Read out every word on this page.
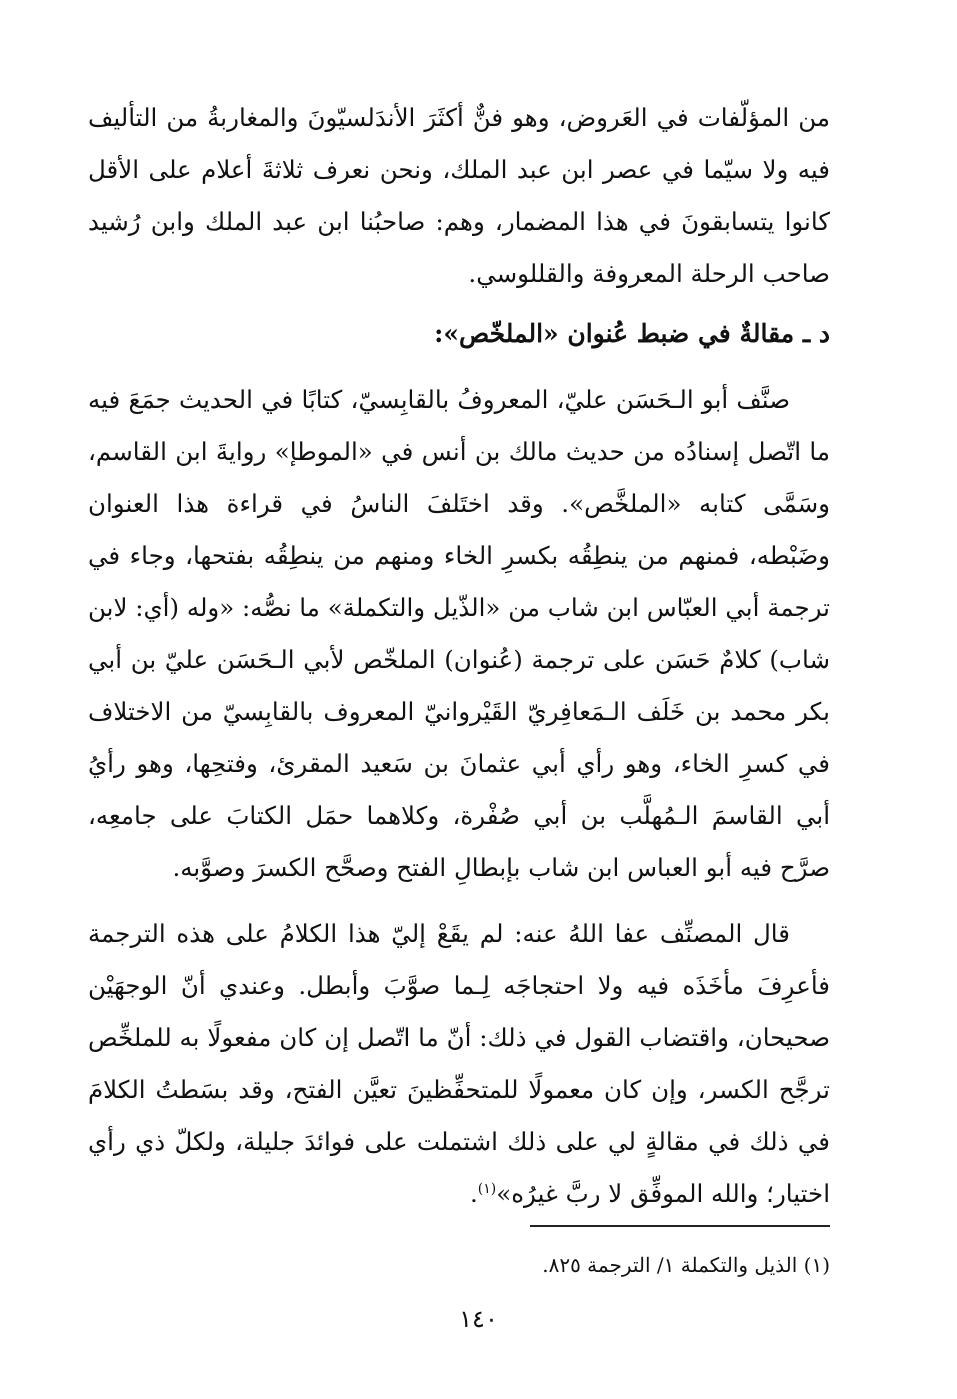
من المؤلّفات في العَروض، وهو فنٌّ أكثَرَ الأندَلسيّونَ والمغاربةُ من التأليف فيه ولا سيّما في عصر ابن عبد الملك، ونحن نعرف ثلاثةَ أعلام على الأقل كانوا يتسابقونَ في هذا المضمار، وهم: صاحبُنا ابن عبد الملك وابن رُشيد صاحب الرحلة المعروفة والقللوسي.

د ـ مقالةٌ في ضبط عُنوان «الملخّص»:

صنَّف أبو الـحَسَن عليّ، المعروفُ بالقابِسيّ، كتابًا في الحديث جمَعَ فيه ما اتّصل إسنادُه من حديث مالك بن أنس في «الموطإ» روايةَ ابن القاسم، وسَمَّى كتابه «الملخَّص». وقد اختَلفَ الناسُ في قراءة هذا العنوان وضَبْطه، فمنهم من ينطِقُه بكسرِ الخاء ومنهم من ينطِقُه بفتحها، وجاء في ترجمة أبي العبّاس ابن شاب من «الذّيل والتكملة» ما نصُّه: «وله (أي: لابن شاب) كلامٌ حَسَن على ترجمة (عُنوان) الملخّص لأبي الـحَسَن عليّ بن أبي بكر محمد بن خَلَف الـمَعافِريّ القَيْروانيّ المعروف بالقابِسيّ من الاختلاف في كسرِ الخاء، وهو رأي أبي عثمانَ بن سَعيد المقرئ، وفتحِها، وهو رأيُ أبي القاسمَ الـمُهلَّب بن أبي صُفْرة، وكلاهما حمَل الكتابَ على جامعِه، صرَّح فيه أبو العباس ابن شاب بإبطالِ الفتح وصحَّح الكسرَ وصوَّبه.

قال المصنِّف عفا اللهُ عنه: لم يقَعْ إليّ هذا الكلامُ على هذه الترجمة فأعرِفَ مأخَذَه فيه ولا احتجاجَه لِـما صوَّبَ وأبطل. وعندي أنّ الوجهَيْن صحيحان، واقتضاب القول في ذلك: أنّ ما اتّصل إن كان مفعولًا به للملخِّص ترجَّح الكسر، وإن كان معمولًا للمتحفِّظينَ تعيَّن الفتح، وقد بسَطتُ الكلامَ في ذلك في مقالةٍ لي على ذلك اشتملت على فوائدَ جليلة، ولكلّ ذي رأي اختيار؛ والله الموفِّق لا ربَّ غيرُه»$^{(١)}$.

(١) الذيل والتكملة ١/ الترجمة ٨٢٥.
١٤٠
